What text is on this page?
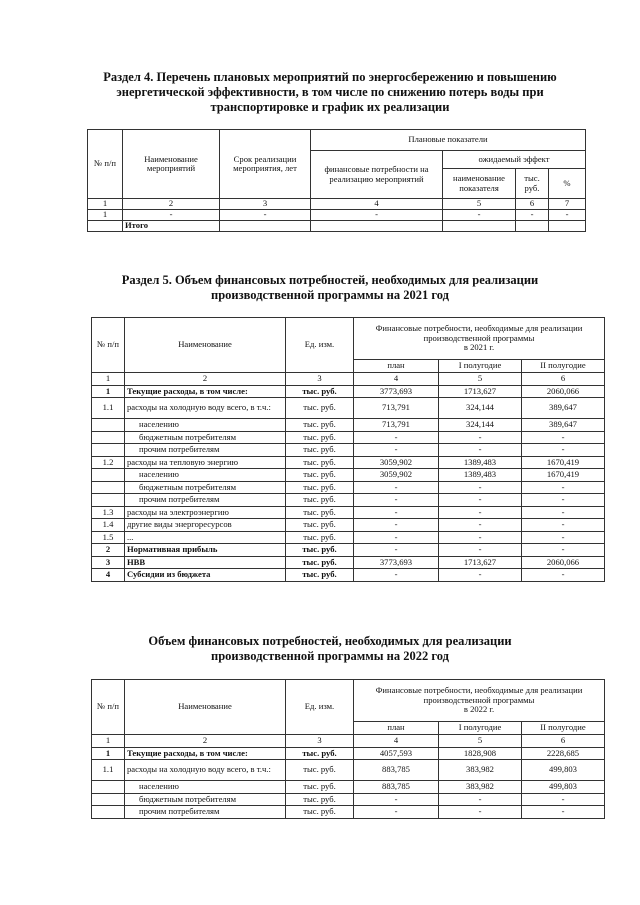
Раздел 4. Перечень плановых мероприятий по энергосбережению и повышению
энергетической эффективности, в том числе по снижению потерь воды при
транспортировке и график их реализации
№ п/п	Наименование мероприятий	Срок реализации мероприятия, лет	Плановые показатели			
			финансовые потребности на реализацию мероприятий	ожидаемый эффект		
				наименование показателя	тыс. руб.	%
1	2	3	4	5	6	7
1	-	-	-	-	-	-
	Итого					
Раздел 5. Объем финансовых потребностей, необходимых для реализации
производственной программы на 2021 год
№ п/п	Наименование	Ед. изм.	Финансовые потребности, необходимые для реализации производственной программы
в 2021 г.		

			план	I полугодие	II полугодие
1	2	3	4	5	6
1	Текущие расходы, в том числе:	тыс. руб.	3773,693	1713,627	2060,066
1.1	расходы на холодную воду всего, в т.ч.:	тыс. руб.	713,791	324,144	389,647
	населению	тыс. руб.	713,791	324,144	389,647
	бюджетным потребителям	тыс. руб.	-	-	-
	прочим потребителям	тыс. руб.	-	-	-
1.2	расходы на тепловую энергию	тыс. руб.	3059,902	1389,483	1670,419
	населению	тыс. руб.	3059,902	1389,483	1670,419
	бюджетным потребителям	тыс. руб.	-	-	-
	прочим потребителям	тыс. руб.	-	-	-
1.3	расходы на электроэнергию	тыс. руб.	-	-	-
1.4	другие виды энергоресурсов	тыс. руб.	-	-	-
1.5	...	тыс. руб.	-	-	-
2	Нормативная прибыль	тыс. руб.	-	-	-
3	НВВ	тыс. руб.	3773,693	1713,627	2060,066
4	Субсидии из бюджета	тыс. руб.	-	-	-
Объем финансовых потребностей, необходимых для реализации
производственной программы на 2022 год
№ п/п	Наименование	Ед. изм.	Финансовые потребности, необходимые для реализации производственной программы
в 2022 г.		

			план	I полугодие	II полугодие
1	2	3	4	5	6
1	Текущие расходы, в том числе:	тыс. руб.	4057,593	1828,908	2228,685
1.1	расходы на холодную воду всего, в т.ч.:	тыс. руб.	883,785	383,982	499,803
	населению	тыс. руб.	883,785	383,982	499,803
	бюджетным потребителям	тыс. руб.	-	-	-
	прочим потребителям	тыс. руб.	-	-	-
